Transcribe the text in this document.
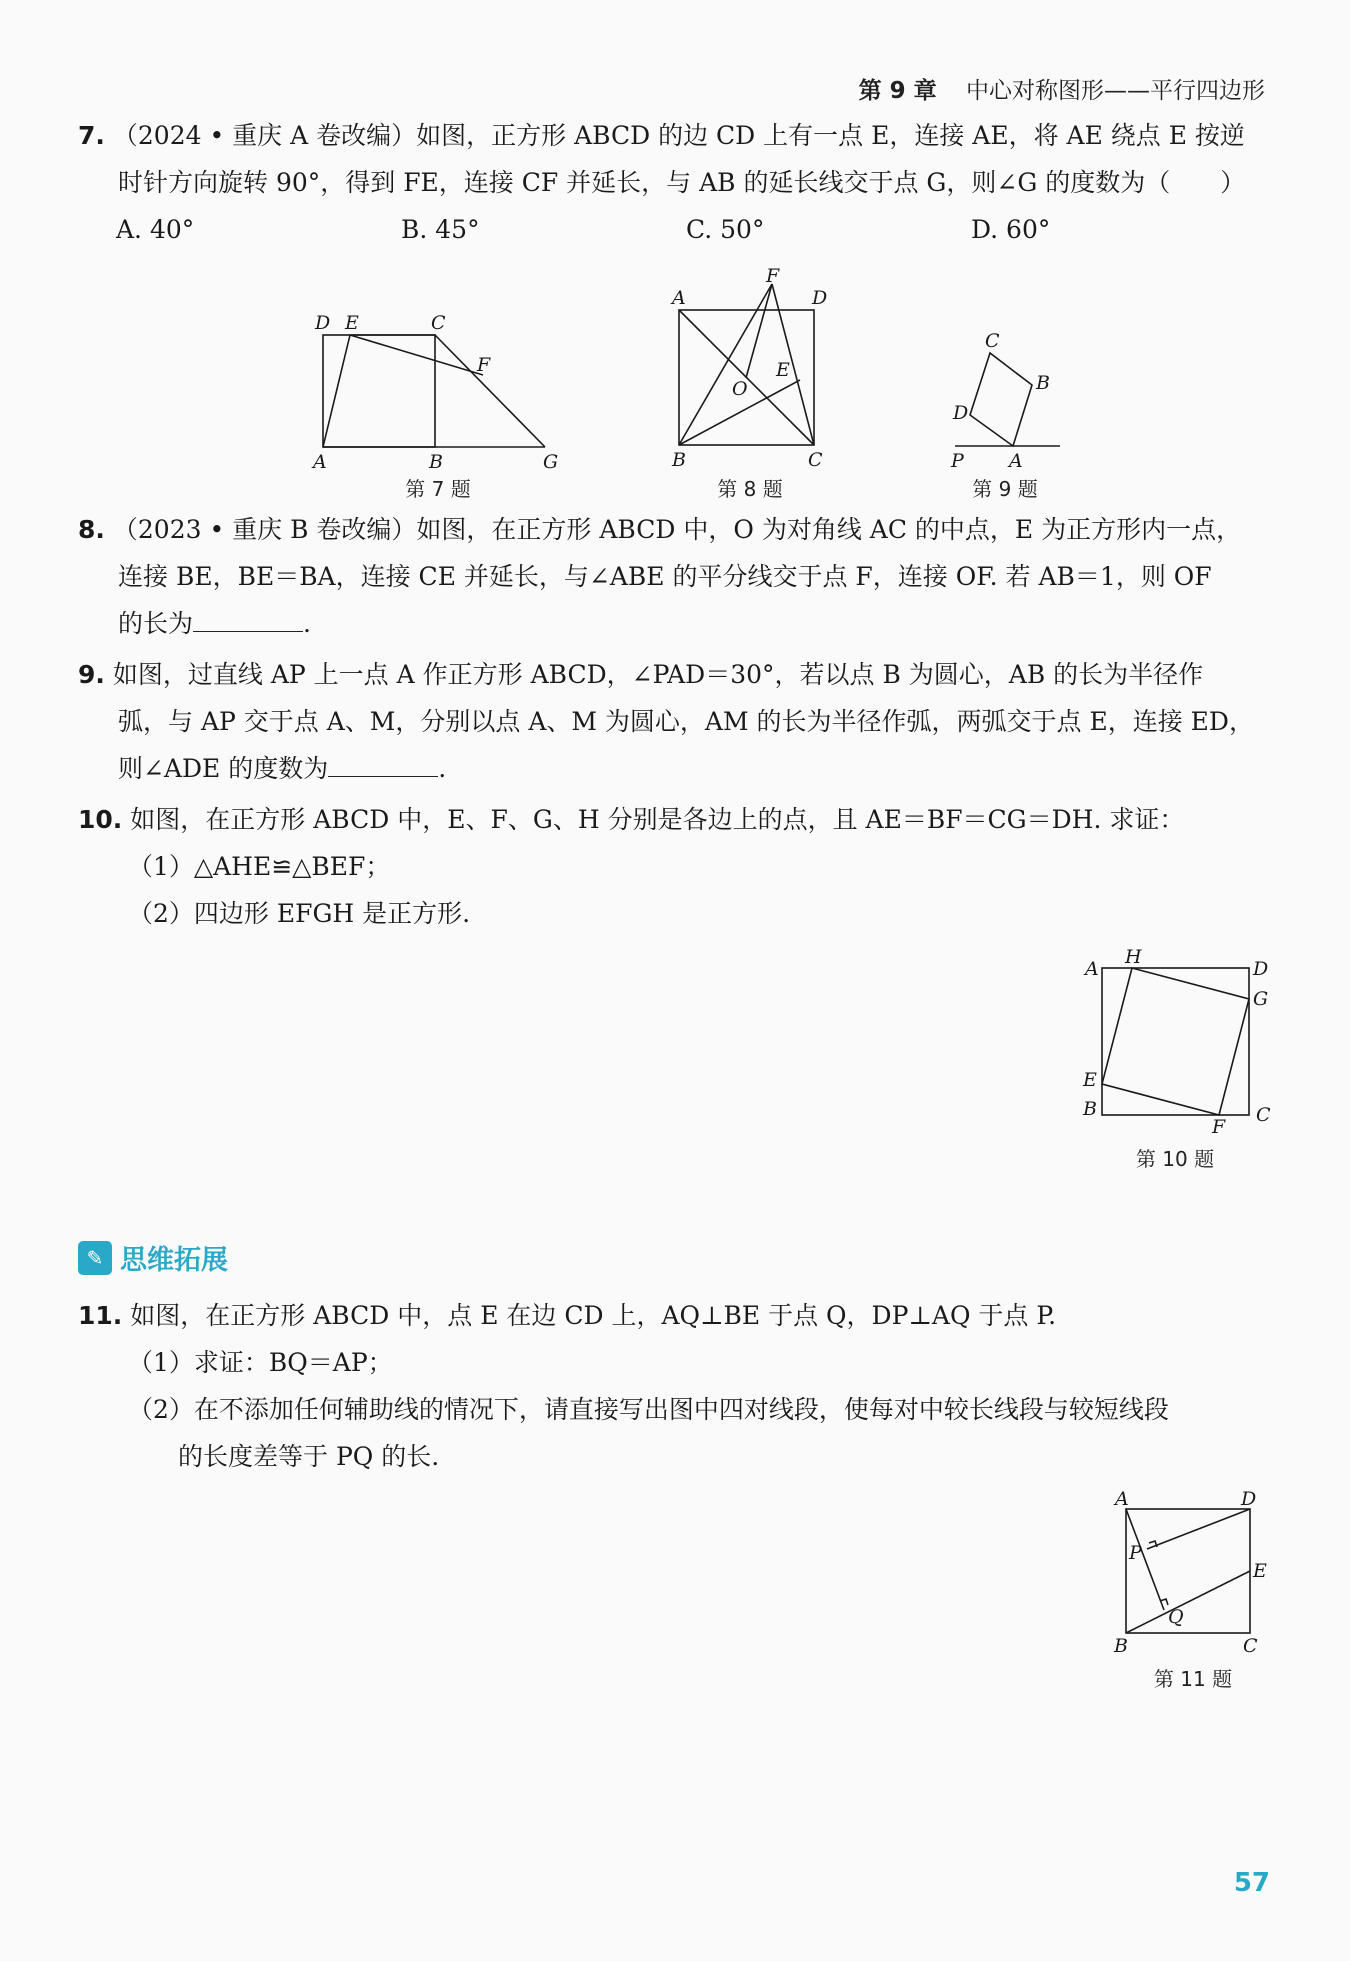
第 9 章 中心对称图形——平行四边形

7. （2024 • 重庆 A 卷改编）如图，正方形 ABCD 的边 CD 上有一点 E，连接 AE，将 AE 绕点 E 按逆

时针方向旋转 90°，得到 FE，连接 CF 并延长，与 AB 的延长线交于点 G，则∠G 的度数为（　　）

A. 40°	B. 45°	C. 50°	D. 60°
D E	C
F
A	B	G
第 7 题
F
A	D
E
O
B	C
第 8 题
C
B
D
P A
第 9 题

8. （2023 • 重庆 B 卷改编）如图，在正方形 ABCD 中，O 为对角线 AC 的中点，E 为正方形内一点，

连接 BE，BE＝BA，连接 CE 并延长，与∠ABE 的平分线交于点 F，连接 OF. 若 AB＝1，则 OF

的长为	.

9. 如图，过直线 AP 上一点 A 作正方形 ABCD，∠PAD＝30°，若以点 B 为圆心，AB 的长为半径作

弧，与 AP 交于点 A、M，分别以点 A、M 为圆心，AM 的长为半径作弧，两弧交于点 E，连接 ED，

则∠ADE 的度数为	.

10. 如图，在正方形 ABCD 中，E、F、G、H 分别是各边上的点，且 AE＝BF＝CG＝DH. 求证：

（1）△AHE≌△BEF；

（2）四边形 EFGH 是正方形.

A
H
D
G
E
B
F
C
第 10 题
✎ 思维拓展

11. 如图，在正方形 ABCD 中，点 E 在边 CD 上，AQ⊥BE 于点 Q，DP⊥AQ 于点 P.

（1）求证：BQ＝AP；

（2）在不添加任何辅助线的情况下，请直接写出图中四对线段，使每对中较长线段与较短线段

的长度差等于 PQ 的长.

A	D
P
E
Q
B	C
第 11 题
57
